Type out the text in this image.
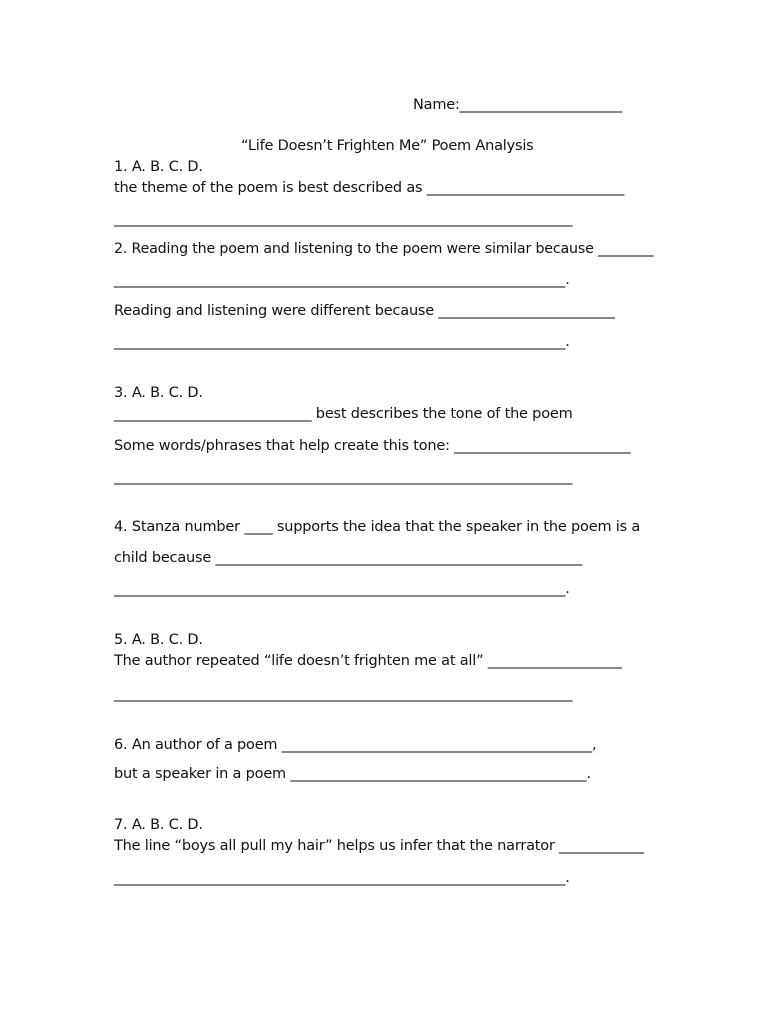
Name:_______________________
“Life Doesn’t Frighten Me” Poem Analysis
1. A. B. C. D.
the theme of the poem is best described as ____________________________
_________________________________________________________________
2. Reading the poem and listening to the poem were similar because ________
________________________________________________________________.
Reading and listening were different because _________________________
________________________________________________________________.
3. A. B. C. D.
____________________________ best describes the tone of the poem
Some words/phrases that help create this tone: _________________________
_________________________________________________________________
4. Stanza number ____ supports the idea that the speaker in the poem is a
child because ____________________________________________________
________________________________________________________________.
5. A. B. C. D.
The author repeated “life doesn’t frighten me at all” ___________________
_________________________________________________________________
6. An author of a poem ____________________________________________,
but a speaker in a poem __________________________________________.
7. A. B. C. D.
The line “boys all pull my hair” helps us infer that the narrator ____________
________________________________________________________________.
